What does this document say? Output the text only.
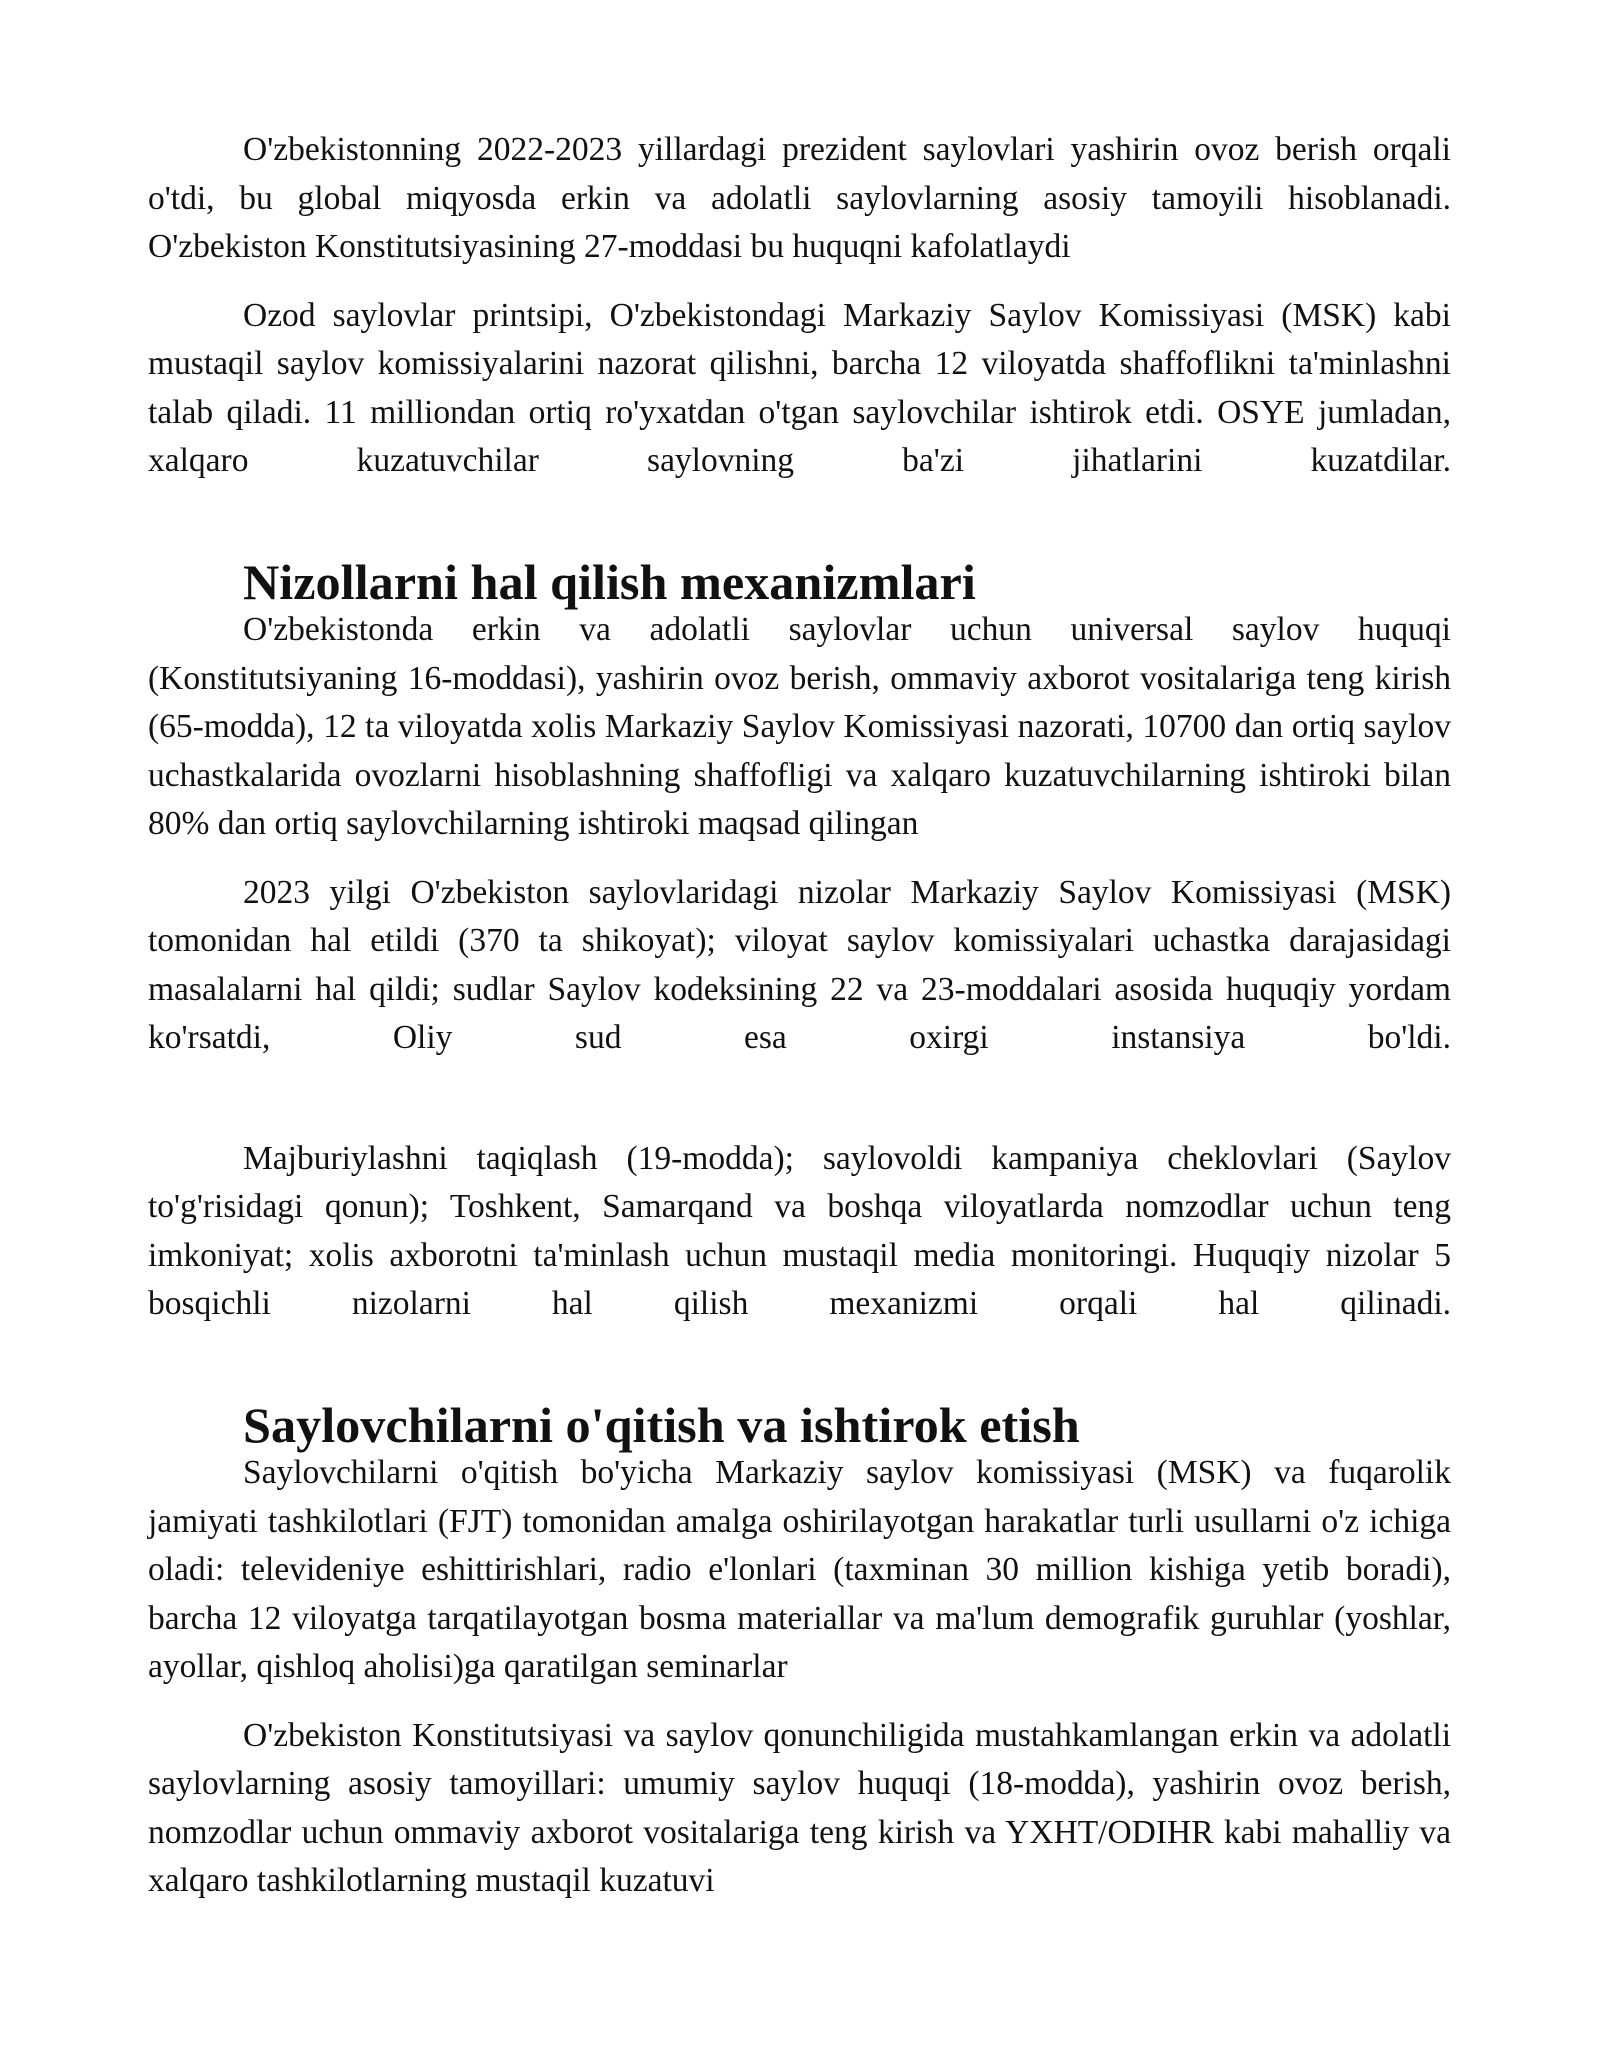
O'zbekistonning 2022-2023 yillardagi prezident saylovlari yashirin ovoz berish orqali o'tdi, bu global miqyosda erkin va adolatli saylovlarning asosiy tamoyili hisoblanadi. O'zbekiston Konstitutsiyasining 27-moddasi bu huquqni kafolatlaydi

Ozod saylovlar printsipi, O'zbekistondagi Markaziy Saylov Komissiyasi (MSK) kabi mustaqil saylov komissiyalarini nazorat qilishni, barcha 12 viloyatda shaffoflikni ta'minlashni talab qiladi. 11 milliondan ortiq ro'yxatdan o'tgan saylovchilar ishtirok etdi. OSYE jumladan, xalqaro kuzatuvchilar saylovning ba'zi jihatlarini kuzatdilar.

Nizollarni hal qilish mexanizmlari

O'zbekistonda erkin va adolatli saylovlar uchun universal saylov huquqi (Konstitutsiyaning 16-moddasi), yashirin ovoz berish, ommaviy axborot vositalariga teng kirish (65-modda), 12 ta viloyatda xolis Markaziy Saylov Komissiyasi nazorati, 10700 dan ortiq saylov uchastkalarida ovozlarni hisoblashning shaffofligi va xalqaro kuzatuvchilarning ishtiroki bilan 80% dan ortiq saylovchilarning ishtiroki maqsad qilingan

2023 yilgi O'zbekiston saylovlaridagi nizolar Markaziy Saylov Komissiyasi (MSK) tomonidan hal etildi (370 ta shikoyat); viloyat saylov komissiyalari uchastka darajasidagi masalalarni hal qildi; sudlar Saylov kodeksining 22 va 23-moddalari asosida huquqiy yordam ko'rsatdi, Oliy sud esa oxirgi instansiya bo'ldi.

Majburiylashni taqiqlash (19-modda); saylovoldi kampaniya cheklovlari (Saylov to'g'risidagi qonun); Toshkent, Samarqand va boshqa viloyatlarda nomzodlar uchun teng imkoniyat; xolis axborotni ta'minlash uchun mustaqil media monitoringi. Huquqiy nizolar 5 bosqichli nizolarni hal qilish mexanizmi orqali hal qilinadi.

Saylovchilarni o'qitish va ishtirok etish

Saylovchilarni o'qitish bo'yicha Markaziy saylov komissiyasi (MSK) va fuqarolik jamiyati tashkilotlari (FJT) tomonidan amalga oshirilayotgan harakatlar turli usullarni o'z ichiga oladi: televideniye eshittirishlari, radio e'lonlari (taxminan 30 million kishiga yetib boradi), barcha 12 viloyatga tarqatilayotgan bosma materiallar va ma'lum demografik guruhlar (yoshlar, ayollar, qishloq aholisi)ga qaratilgan seminarlar

O'zbekiston Konstitutsiyasi va saylov qonunchiligida mustahkamlangan erkin va adolatli saylovlarning asosiy tamoyillari: umumiy saylov huquqi (18-modda), yashirin ovoz berish, nomzodlar uchun ommaviy axborot vositalariga teng kirish va YXHT/ODIHR kabi mahalliy va xalqaro tashkilotlarning mustaqil kuzatuvi
